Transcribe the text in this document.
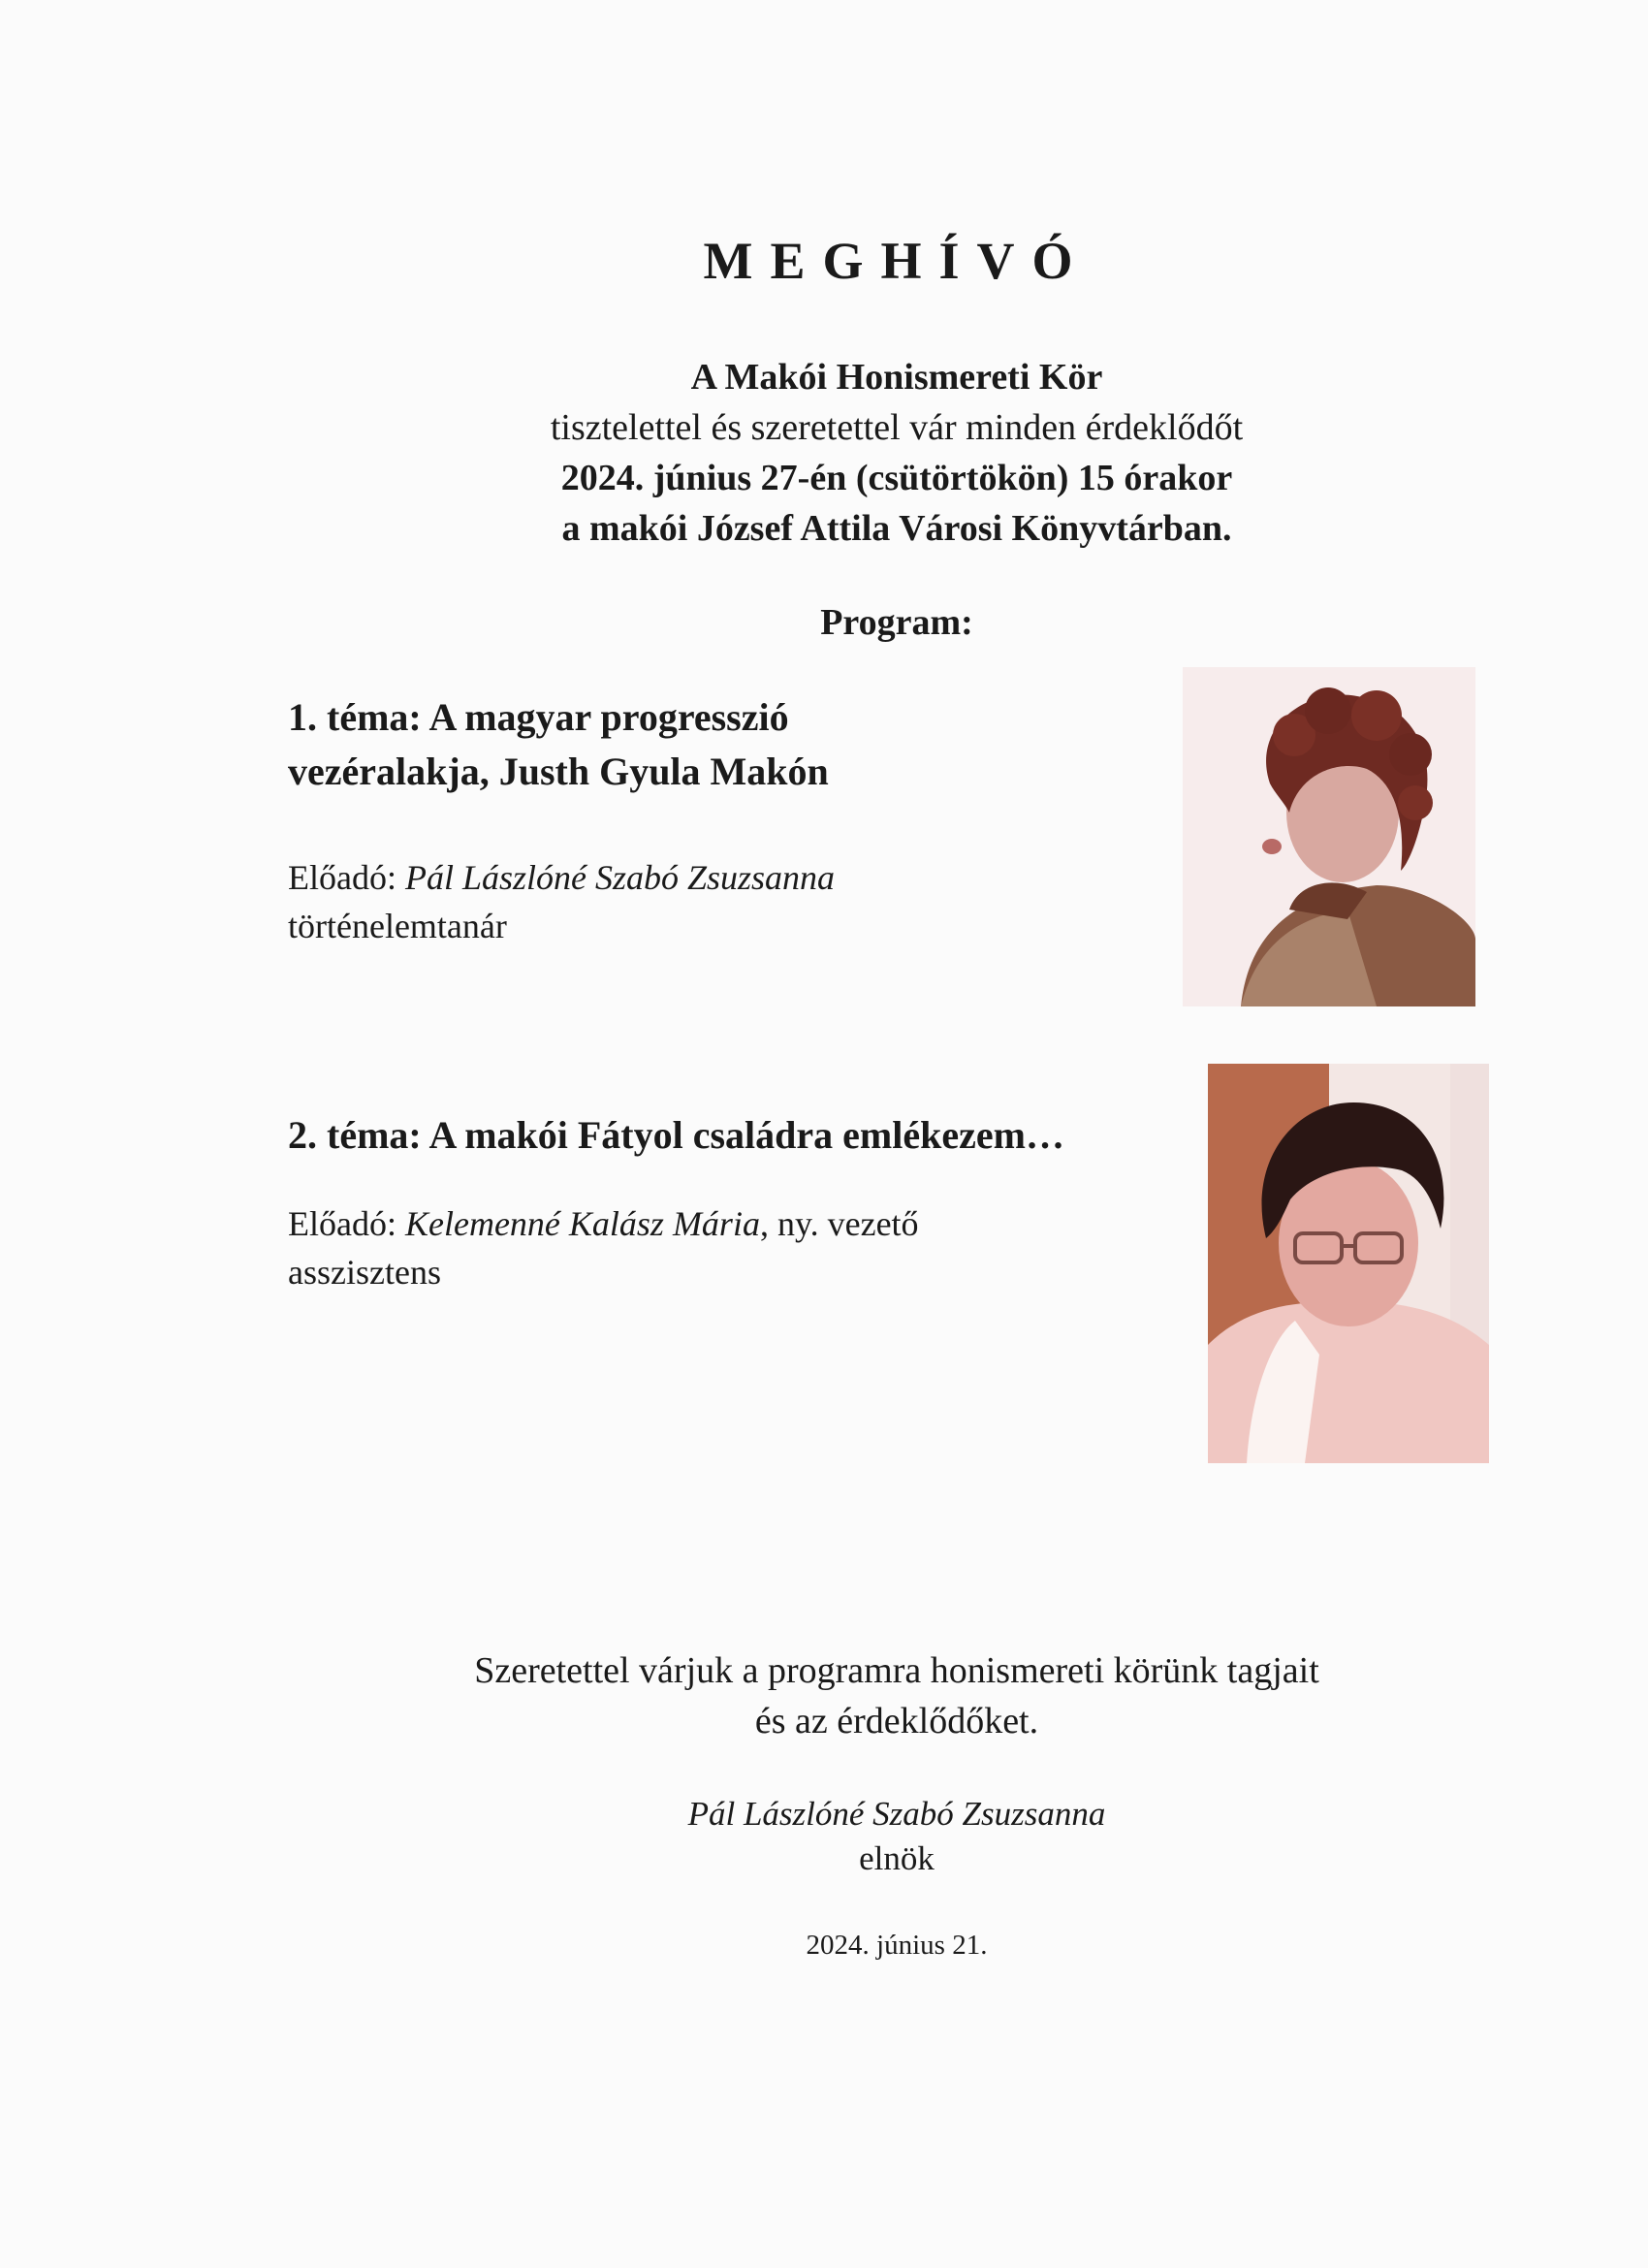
MEGHÍVÓ
A Makói Honismereti Kör
tisztelettel és szeretettel vár minden érdeklődőt
2024. június 27-én (csütörtökön) 15 órakor
a makói József Attila Városi Könyvtárban.
Program:
1. téma: A magyar progresszió
vezéralakja, Justh Gyula Makón
Előadó: Pál Lászlóné Szabó Zsuzsanna
történelemtanár
2. téma: A makói Fátyol családra emlékezem…
Előadó: Kelemenné Kalász Mária, ny. vezető
asszisztens
Szeretettel várjuk a programra honismereti körünk tagjait
és az érdeklődőket.
Pál Lászlóné Szabó Zsuzsanna
elnök
2024. június 21.
